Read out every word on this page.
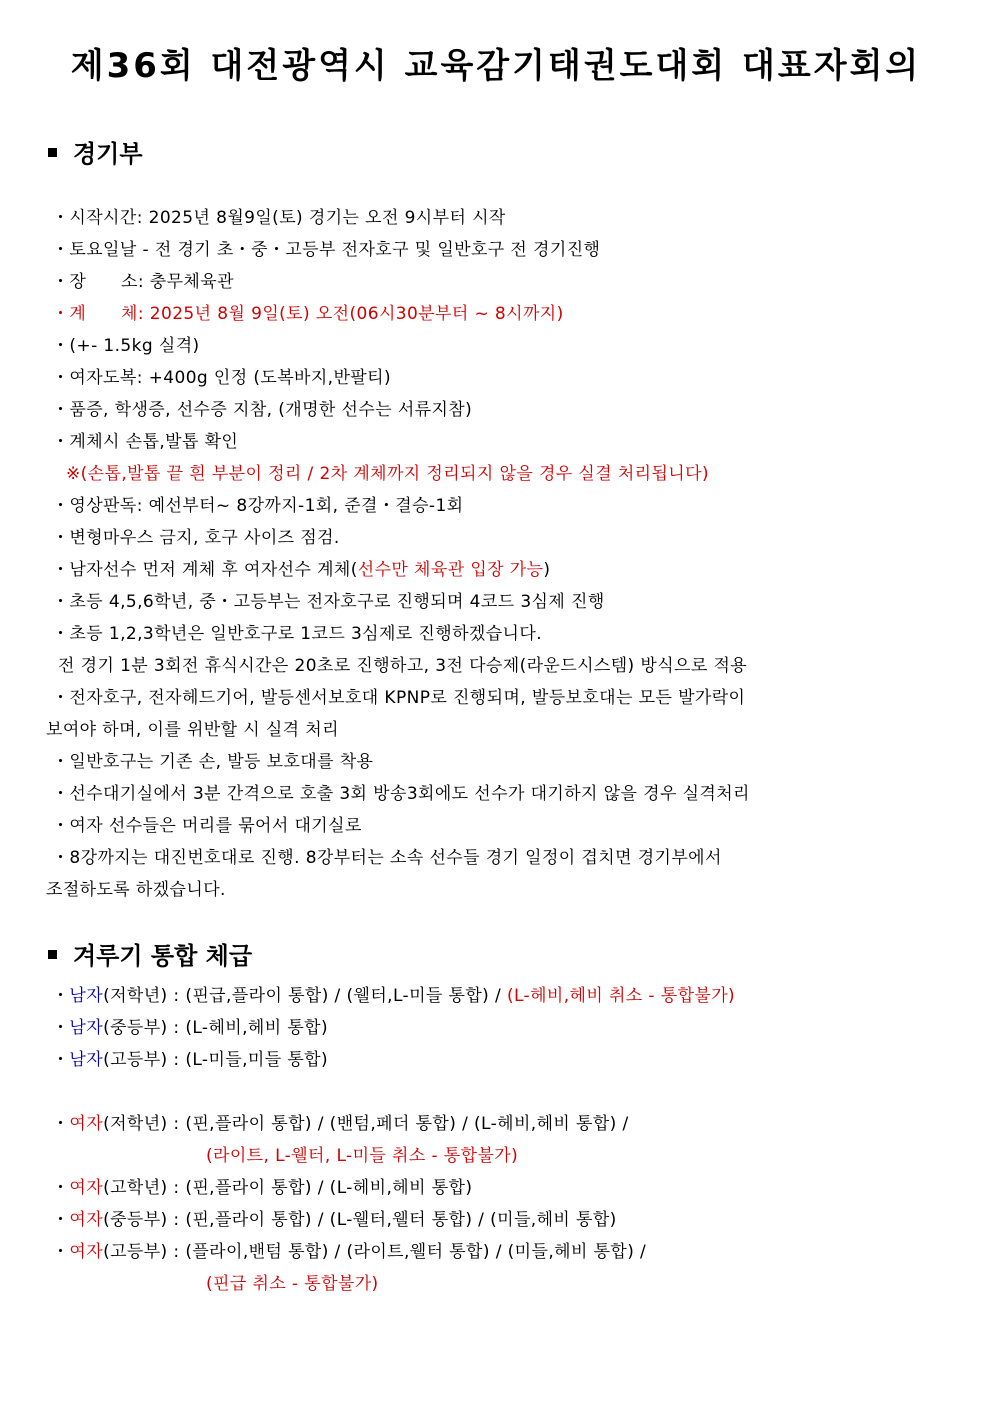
제36회 대전광역시 교육감기태권도대회 대표자회의
경기부
・시작시간: 2025년 8월9일(토) 경기는 오전 9시부터 시작
・토요일날 - 전 경기 초・중・고등부 전자호구 및 일반호구 전 경기진행
・장　　소: 충무체육관
・계　　체: 2025년 8월 9일(토) 오전(06시30분부터 ~ 8시까지)
・(+- 1.5kg 실격)
・여자도복: +400g 인정 (도복바지,반팔티)
・품증, 학생증, 선수증 지참, (개명한 선수는 서류지참)
・계체시 손톱,발톱 확인
※(손톱,발톱 끝 흰 부분이 정리 / 2차 계체까지 정리되지 않을 경우 실결 처리됩니다)
・영상판독: 예선부터~ 8강까지-1회, 준결・결승-1회
・변형마우스 금지, 호구 사이즈 점검.
・남자선수 먼저 계체 후 여자선수 계체(선수만 체육관 입장 가능)
・초등 4,5,6학년, 중・고등부는 전자호구로 진행되며 4코드 3심제 진행
・초등 1,2,3학년은 일반호구로 1코드 3심제로 진행하겠습니다.
전 경기 1분 3회전 휴식시간은 20초로 진행하고, 3전 다승제(라운드시스템) 방식으로 적용
・전자호구, 전자헤드기어, 발등센서보호대 KPNP로 진행되며, 발등보호대는 모든 발가락이
보여야 하며, 이를 위반할 시 실격 처리
・일반호구는 기존 손, 발등 보호대를 착용
・선수대기실에서 3분 간격으로 호출 3회 방송3회에도 선수가 대기하지 않을 경우 실격처리
・여자 선수들은 머리를 묶어서 대기실로
・8강까지는 대진번호대로 진행. 8강부터는 소속 선수들 경기 일정이 겹치면 경기부에서
조절하도록 하겠습니다.
겨루기 통합 체급
・남자(저학년) : (핀급,플라이 통합) / (웰터,L-미들 통합) / (L-헤비,헤비 취소 - 통합불가)
・남자(중등부) : (L-헤비,헤비 통합)
・남자(고등부) : (L-미들,미들 통합)
・여자(저학년) : (핀,플라이 통합) / (밴텀,페더 통합) / (L-헤비,헤비 통합) /
(라이트, L-웰터, L-미들 취소 - 통합불가)
・여자(고학년) : (핀,플라이 통합) / (L-헤비,헤비 통합)
・여자(중등부) : (핀,플라이 통합) / (L-웰터,웰터 통합) / (미들,헤비 통합)
・여자(고등부) : (플라이,밴텀 통합) / (라이트,웰터 통합) / (미들,헤비 통합) /
(핀급 취소 - 통합불가)
